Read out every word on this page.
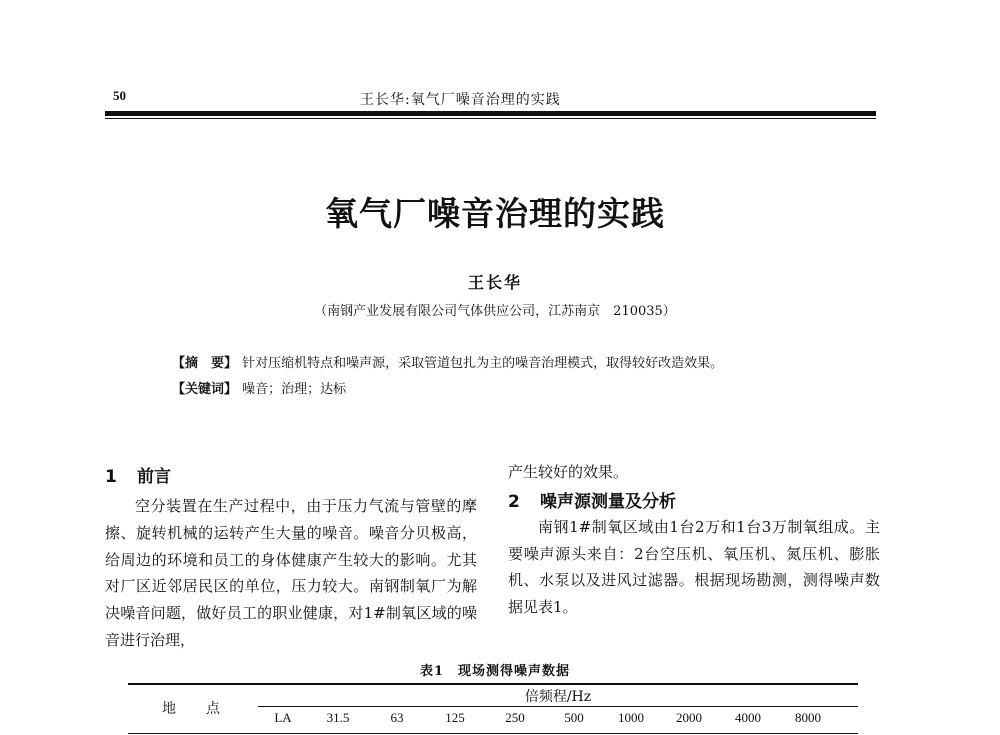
50	王长华:氧气厂噪音治理的实践
氧气厂噪音治理的实践
王长华
（南钢产业发展有限公司气体供应公司，江苏南京　210035）
【摘　要】 针对压缩机特点和噪声源，采取管道包扎为主的噪音治理模式，取得较好改造效果。
【关键词】 噪音；治理；达标
1 前言

空分装置在生产过程中，由于压力气流与管壁的摩擦、旋转机械的运转产生大量的噪音。噪音分贝极高，给周边的环境和员工的身体健康产生较大的影响。尤其对厂区近邻居民区的单位，压力较大。南钢制氧厂为解决噪音问题，做好员工的职业健康，对1#制氧区域的噪音进行治理，

产生较好的效果。

2 噪声源测量及分析

南钢1#制氧区域由1台2万和1台3万制氧组成。主要噪声源头来自：2台空压机、氧压机、氮压机、膨胀机、水泵以及进风过滤器。根据现场勘测，测得噪声数据见表1。

表1　现场测得噪声数据
地　点
倍频程/Hz
LA	31.5	63	125	250	500	1000	2000	4000	8000
